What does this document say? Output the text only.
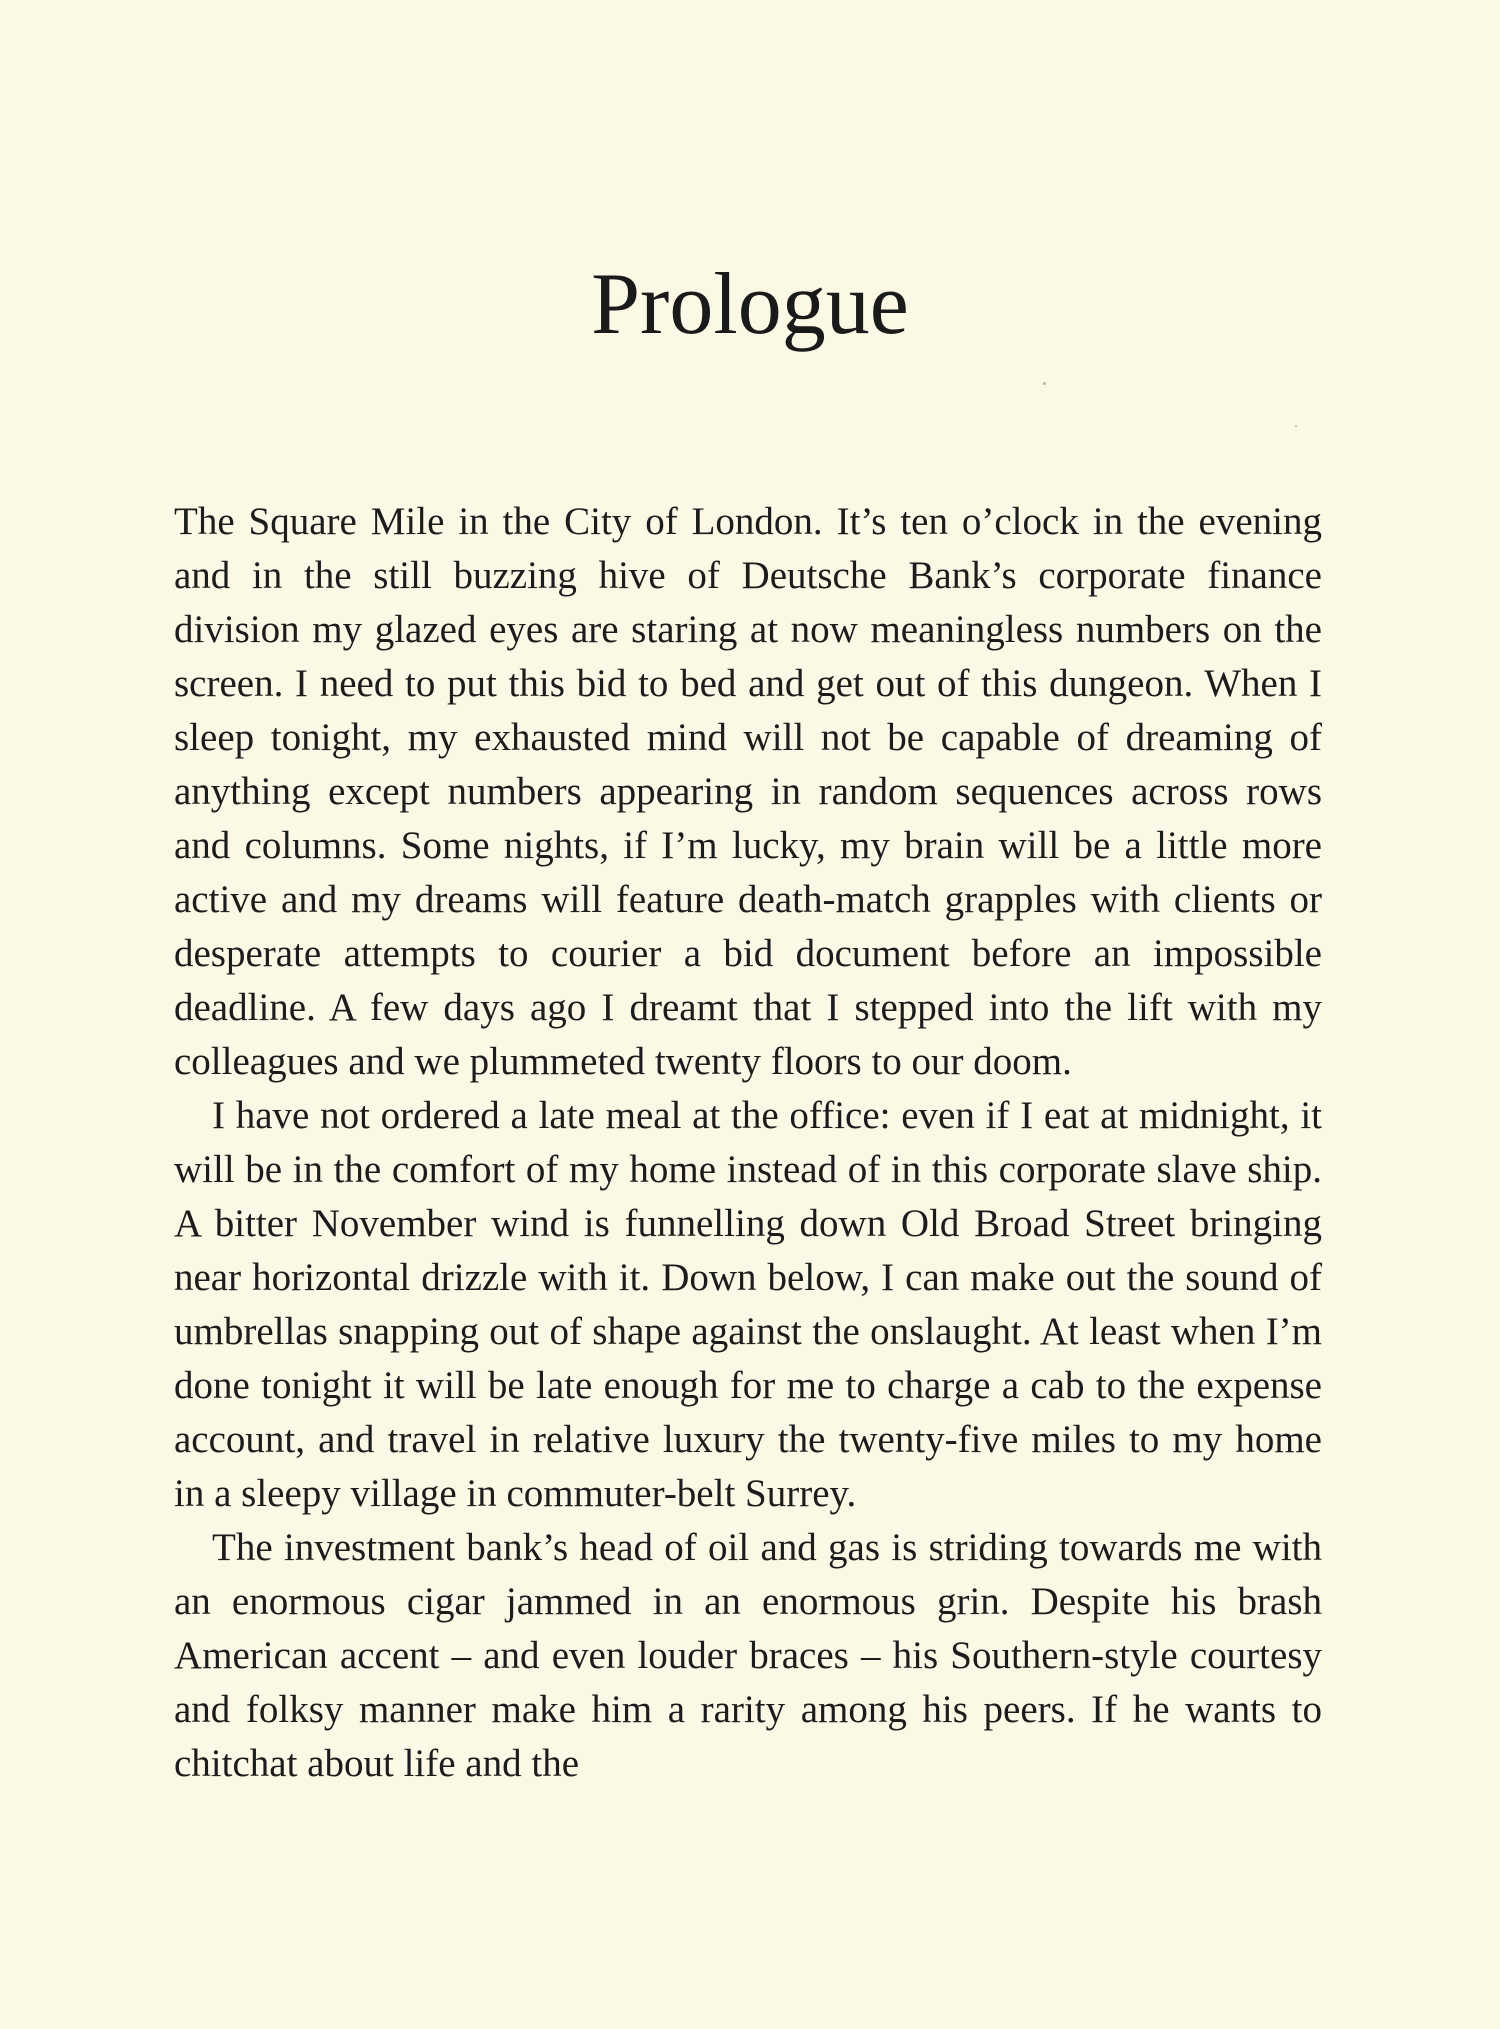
Prologue

The Square Mile in the City of London. It’s ten o’clock in the evening and in the still buzzing hive of Deutsche Bank’s corporate finance division my glazed eyes are staring at now meaningless numbers on the screen. I need to put this bid to bed and get out of this dungeon. When I sleep tonight, my exhausted mind will not be capable of dreaming of anything except numbers appearing in random sequences across rows and columns. Some nights, if I’m lucky, my brain will be a little more active and my dreams will feature death-match grapples with clients or desperate attempts to courier a bid document before an impossible deadline. A few days ago I dreamt that I stepped into the lift with my colleagues and we plummeted twenty floors to our doom.

I have not ordered a late meal at the office: even if I eat at midnight, it will be in the comfort of my home instead of in this corporate slave ship. A bitter November wind is funnelling down Old Broad Street bringing near horizontal drizzle with it. Down below, I can make out the sound of umbrellas snapping out of shape against the onslaught. At least when I’m done tonight it will be late enough for me to charge a cab to the expense account, and travel in relative luxury the twenty-five miles to my home in a sleepy village in commuter-belt Surrey.

The investment bank’s head of oil and gas is striding towards me with an enormous cigar jammed in an enormous grin. Despite his brash American accent – and even louder braces – his Southern-style courtesy and folksy manner make him a rarity among his peers. If he wants to chitchat about life and the
